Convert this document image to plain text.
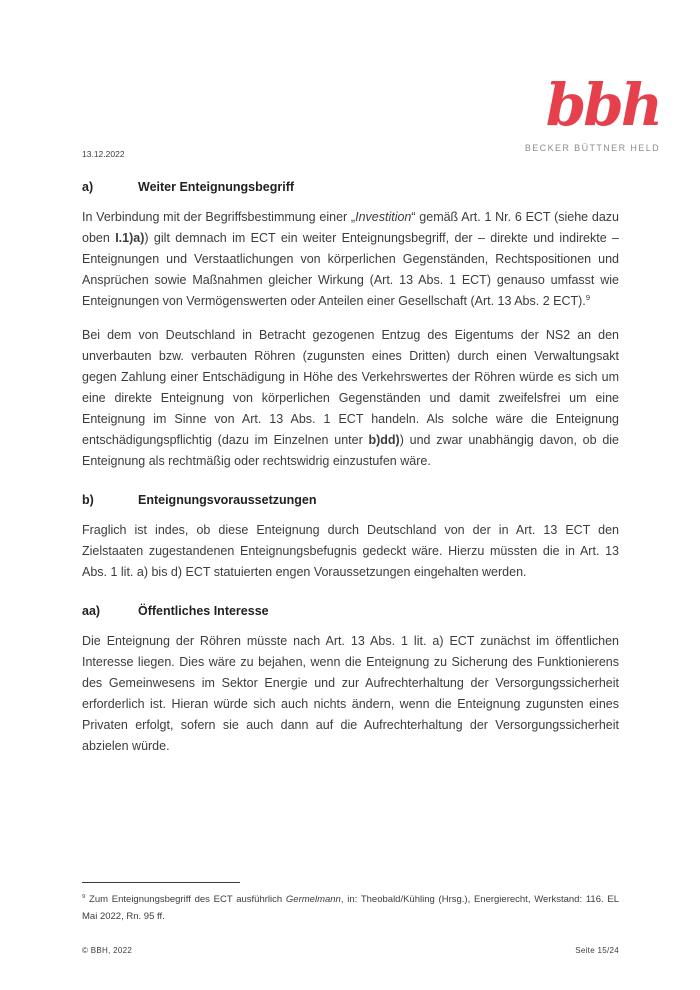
bbh
BECKER BÜTTNER HELD
13.12.2022
a)	Weiter Enteignungsbegriff

In Verbindung mit der Begriffsbestimmung einer „Investition“ gemäß Art. 1 Nr. 6 ECT (siehe dazu oben I.1)a)) gilt demnach im ECT ein weiter Enteignungsbegriff, der – direkte und indirekte – Enteignungen und Verstaatlichungen von körperlichen Gegenständen, Rechtspositionen und Ansprüchen sowie Maßnahmen gleicher Wirkung (Art. 13 Abs. 1 ECT) genauso umfasst wie Enteignungen von Vermögenswerten oder Anteilen einer Gesellschaft (Art. 13 Abs. 2 ECT).$^9$

Bei dem von Deutschland in Betracht gezogenen Entzug des Eigentums der NS2 an den unverbauten bzw. verbauten Röhren (zugunsten eines Dritten) durch einen Verwaltungsakt gegen Zahlung einer Entschädigung in Höhe des Verkehrswertes der Röhren würde es sich um eine direkte Enteignung von körperlichen Gegenständen und damit zweifelsfrei um eine Enteignung im Sinne von Art. 13 Abs. 1 ECT handeln. Als solche wäre die Enteignung entschädigungspflichtig (dazu im Einzelnen unter b)dd)) und zwar unabhängig davon, ob die Enteignung als rechtmäßig oder rechtswidrig einzustufen wäre.

b)	Enteignungsvoraussetzungen

Fraglich ist indes, ob diese Enteignung durch Deutschland von der in Art. 13 ECT den Zielstaaten zugestandenen Enteignungsbefugnis gedeckt wäre. Hierzu müssten die in Art. 13 Abs. 1 lit. a) bis d) ECT statuierten engen Voraussetzungen eingehalten werden.

aa)	Öffentliches Interesse

Die Enteignung der Röhren müsste nach Art. 13 Abs. 1 lit. a) ECT zunächst im öffentlichen Interesse liegen. Dies wäre zu bejahen, wenn die Enteignung zu Sicherung des Funktionierens des Gemeinwesens im Sektor Energie und zur Aufrechterhaltung der Versorgungssicherheit erforderlich ist. Hieran würde sich auch nichts ändern, wenn die Enteignung zugunsten eines Privaten erfolgt, sofern sie auch dann auf die Aufrechterhaltung der Versorgungssicherheit abzielen würde.

$^9$ Zum Enteignungsbegriff des ECT ausführlich Germelmann, in: Theobald/Kühling (Hrsg.), Energierecht, Werkstand: 116. EL Mai 2022, Rn. 95 ff.

© BBH, 2022	Seite 15/24
